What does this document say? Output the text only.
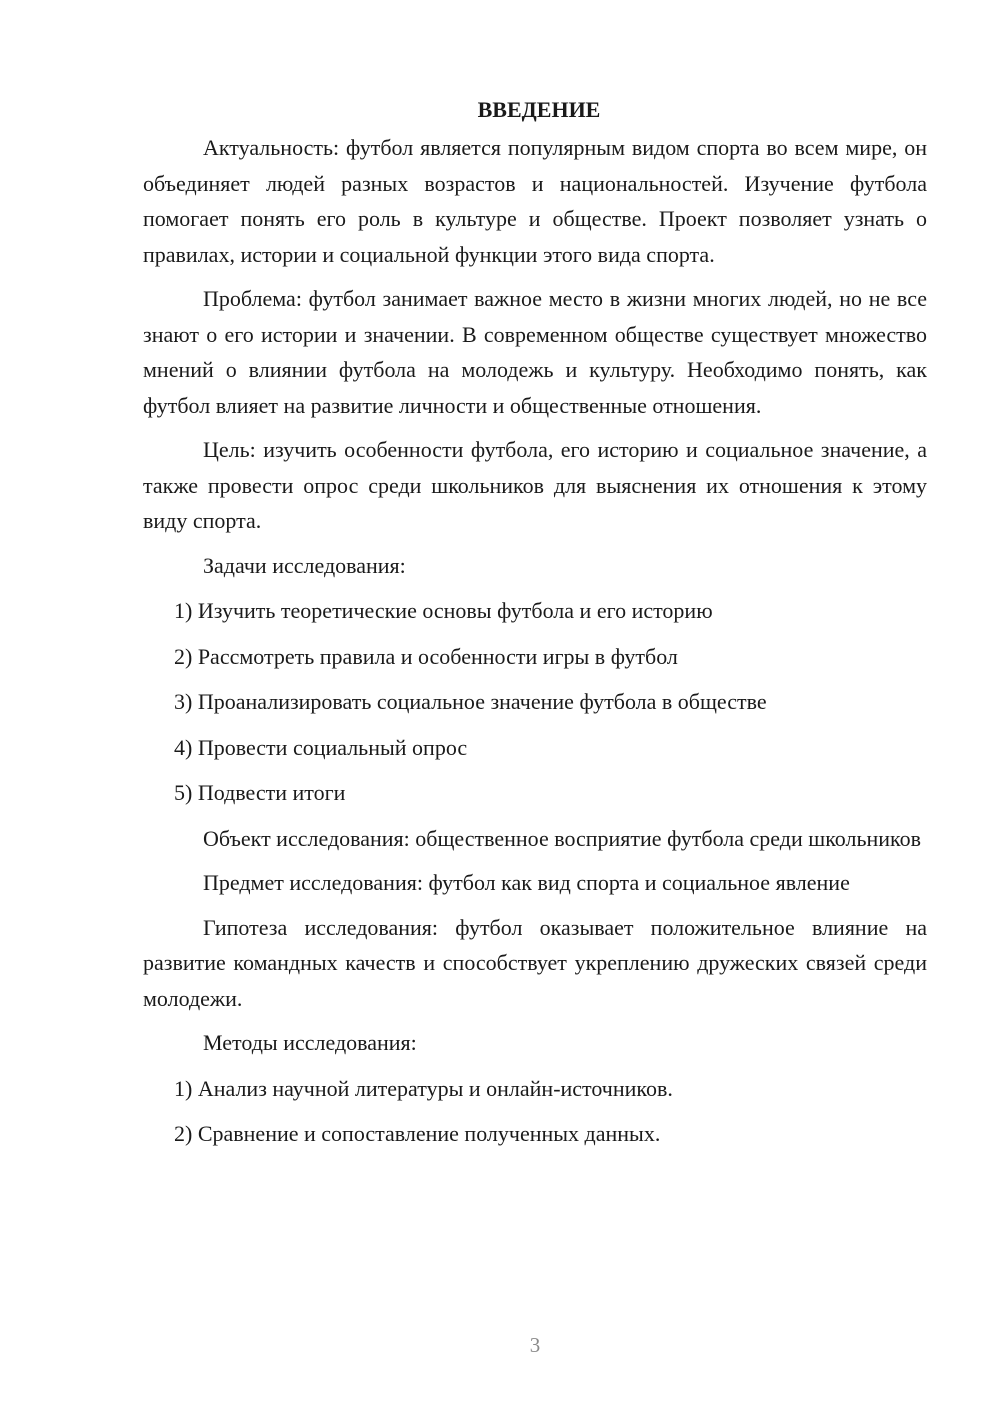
ВВЕДЕНИЕ

Актуальность: футбол является популярным видом спорта во всем мире, он объединяет людей разных возрастов и национальностей. Изучение футбола помогает понять его роль в культуре и обществе. Проект позволяет узнать о правилах, истории и социальной функции этого вида спорта.

Проблема: футбол занимает важное место в жизни многих людей, но не все знают о его истории и значении. В современном обществе существует множество мнений о влиянии футбола на молодежь и культуру. Необходимо понять, как футбол влияет на развитие личности и общественные отношения.

Цель: изучить особенности футбола, его историю и социальное значение, а также провести опрос среди школьников для выяснения их отношения к этому виду спорта.

Задачи исследования:
1) Изучить теоретические основы футбола и его историю
2) Рассмотреть правила и особенности игры в футбол
3) Проанализировать социальное значение футбола в обществе
4) Провести социальный опрос
5) Подвести итоги

Объект исследования: общественное восприятие футбола среди школьников

Предмет исследования: футбол как вид спорта и социальное явление

Гипотеза исследования: футбол оказывает положительное влияние на развитие командных качеств и способствует укреплению дружеских связей среди молодежи.

Методы исследования:
1) Анализ научной литературы и онлайн-источников.
2) Сравнение и сопоставление полученных данных.
3
